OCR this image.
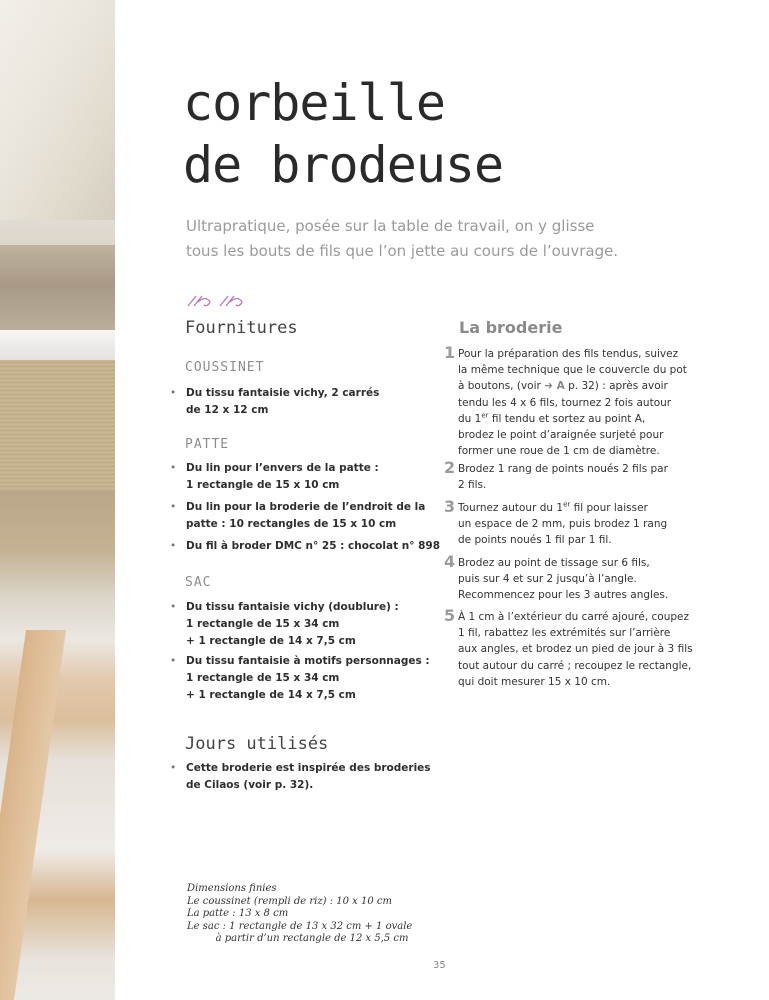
corbeille
de brodeuse

Ultrapratique, posée sur la table de travail, on y glisse
tous les bouts de fils que l’on jette au cours de l’ouvrage.

Fournitures
COUSSINET

• Du tissu fantaisie vichy, 2 carrés
de 12 x 12 cm

PATTE

• Du lin pour l’envers de la patte :
1 rectangle de 15 x 10 cm

• Du lin pour la broderie de l’endroit de la
patte : 10 rectangles de 15 x 10 cm

• Du fil à broder DMC n° 25 : chocolat n° 898

SAC

• Du tissu fantaisie vichy (doublure) :
1 rectangle de 15 x 34 cm
+ 1 rectangle de 14 x 7,5 cm

• Du tissu fantaisie à motifs personnages :
1 rectangle de 15 x 34 cm
+ 1 rectangle de 14 x 7,5 cm

Jours utilisés

• Cette broderie est inspirée des broderies
de Cilaos (voir p. 32).

La broderie
1 Pour la préparation des fils tendus, suivez
la même technique que le couvercle du pot
à boutons, (voir ➜ A p. 32) : après avoir
tendu les 4 x 6 fils, tournez 2 fois autour
du 1er fil tendu et sortez au point A,
brodez le point d’araignée surjeté pour
former une roue de 1 cm de diamètre.
2 Brodez 1 rang de points noués 2 fils par
2 fils.
3 Tournez autour du 1er fil pour laisser
un espace de 2 mm, puis brodez 1 rang
de points noués 1 fil par 1 fil.
4 Brodez au point de tissage sur 6 fils,
puis sur 4 et sur 2 jusqu’à l’angle.
Recommencez pour les 3 autres angles.
5 À 1 cm à l’extérieur du carré ajouré, coupez
1 fil, rabattez les extrémités sur l’arrière
aux angles, et brodez un pied de jour à 3 fils
tout autour du carré ; recoupez le rectangle,
qui doit mesurer 15 x 10 cm.

Dimensions finies
Le coussinet (rempli de riz) : 10 x 10 cm
La patte : 13 x 8 cm
Le sac : 1 rectangle de 13 x 32 cm + 1 ovale
à partir d’un rectangle de 12 x 5,5 cm

35
